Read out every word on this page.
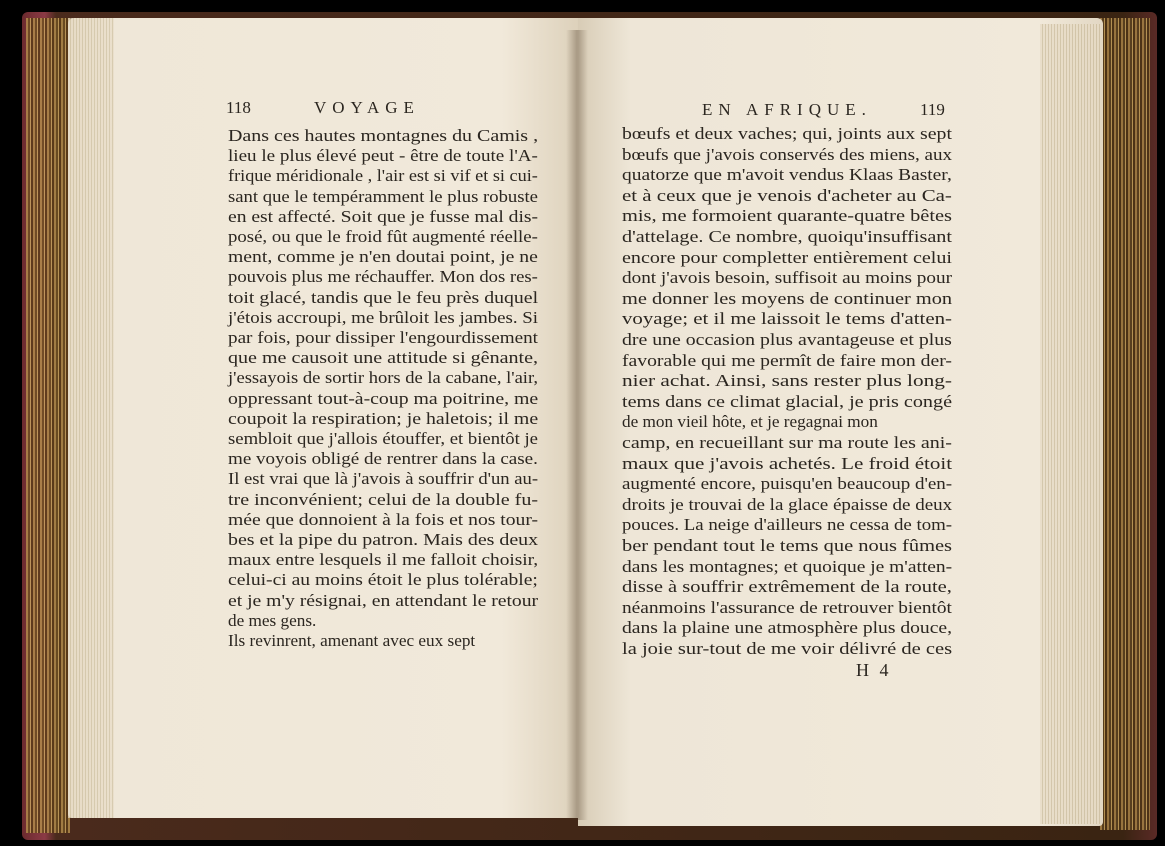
118	VOYAGE	EN AFRIQUE.	119
Dans ces hautes montagnes du Camis ,
lieu le plus élevé peut - être de toute l'A-
frique méridionale , l'air est si vif et si cui-
sant que le tempéramment le plus robuste
en est affecté. Soit que je fusse mal dis-
posé, ou que le froid fût augmenté réelle-
ment, comme je n'en doutai point, je ne
pouvois plus me réchauffer. Mon dos res-
toit glacé, tandis que le feu près duquel
j'étois accroupi, me brûloit les jambes. Si
par fois, pour dissiper l'engourdissement
que me causoit une attitude si gênante,
j'essayois de sortir hors de la cabane, l'air,
oppressant tout-à-coup ma poitrine, me
coupoit la respiration; je haletois; il me
sembloit que j'allois étouffer, et bientôt je
me voyois obligé de rentrer dans la case.
Il est vrai que là j'avois à souffrir d'un au-
tre inconvénient; celui de la double fu-
mée que donnoient à la fois et nos tour-
bes et la pipe du patron. Mais des deux
maux entre lesquels il me falloit choisir,
celui-ci au moins étoit le plus tolérable;
et je m'y résignai, en attendant le retour
de mes gens.
Ils revinrent, amenant avec eux sept
bœufs et deux vaches; qui, joints aux sept
bœufs que j'avois conservés des miens, aux
quatorze que m'avoit vendus Klaas Baster,
et à ceux que je venois d'acheter au Ca-
mis, me formoient quarante-quatre bêtes
d'attelage. Ce nombre, quoiqu'insuffisant
encore pour completter entièrement celui
dont j'avois besoin, suffisoit au moins pour
me donner les moyens de continuer mon
voyage; et il me laissoit le tems d'atten-
dre une occasion plus avantageuse et plus
favorable qui me permît de faire mon der-
nier achat. Ainsi, sans rester plus long-
tems dans ce climat glacial, je pris congé
de mon vieil hôte, et je regagnai mon
camp, en recueillant sur ma route les ani-
maux que j'avois achetés. Le froid étoit
augmenté encore, puisqu'en beaucoup d'en-
droits je trouvai de la glace épaisse de deux
pouces. La neige d'ailleurs ne cessa de tom-
ber pendant tout le tems que nous fûmes
dans les montagnes; et quoique je m'atten-
disse à souffrir extrêmement de la route,
néanmoins l'assurance de retrouver bientôt
dans la plaine une atmosphère plus douce,
la joie sur-tout de me voir délivré de ces
H 4
